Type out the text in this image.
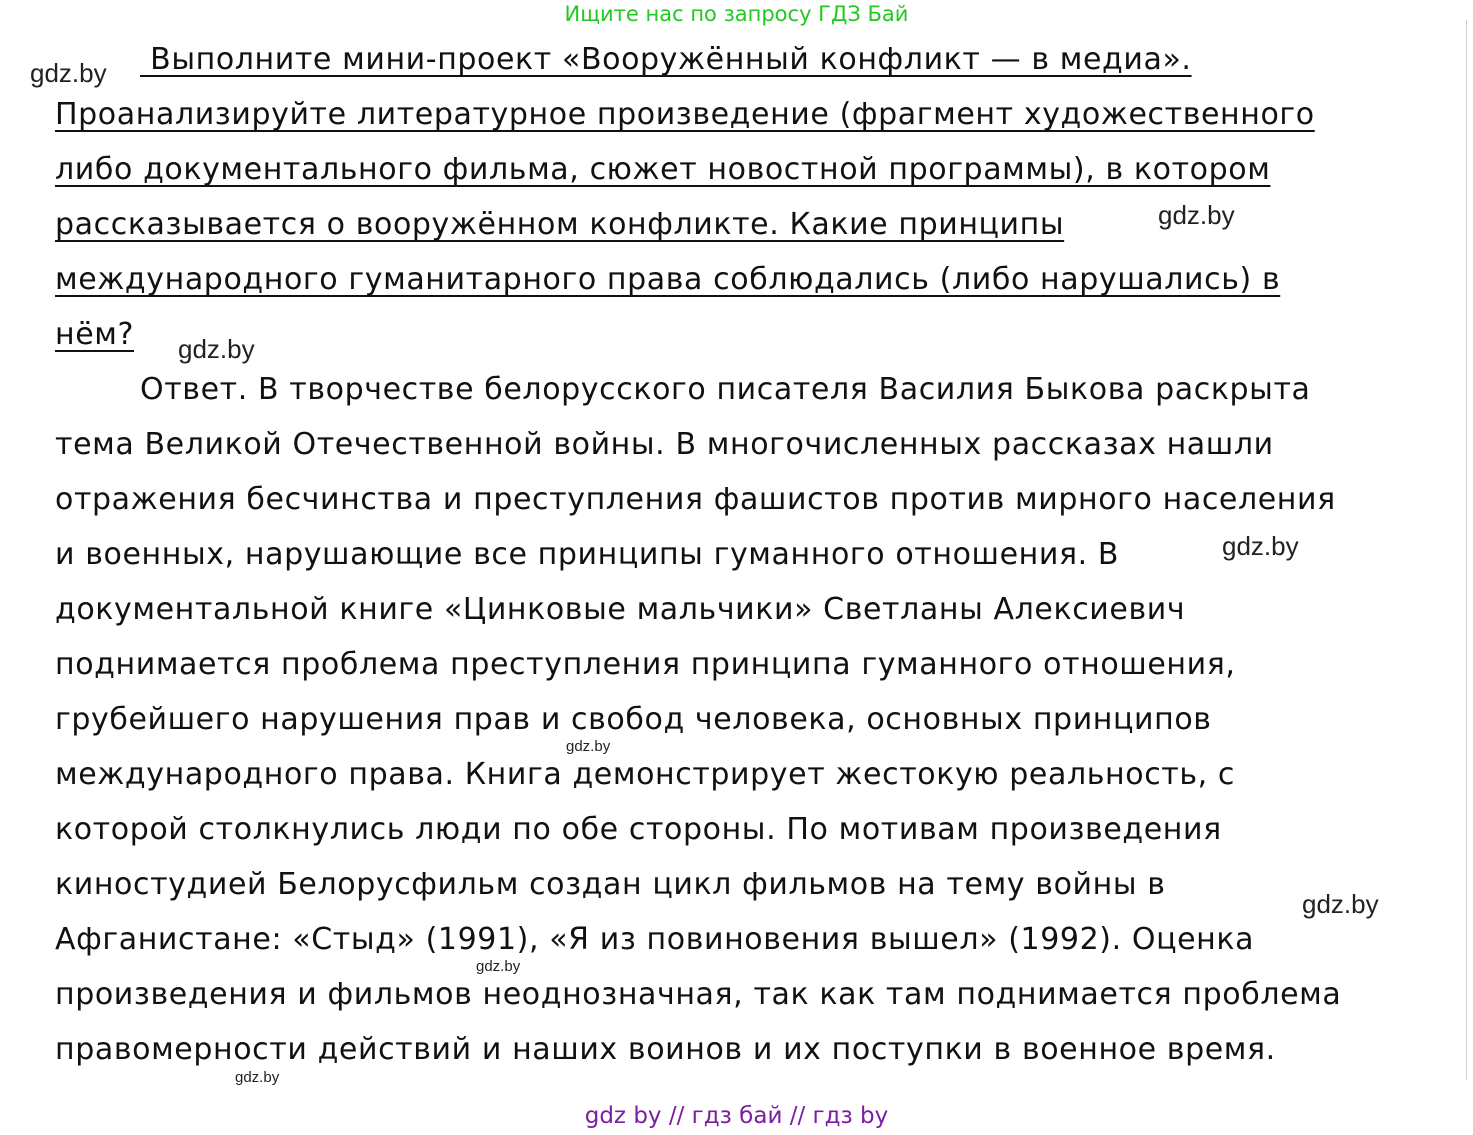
Ищите нас по запросу ГДЗ Бай
Выполните мини-проект «Вооружённый конфликт — в медиа».
Проанализируйте литературное произведение (фрагмент художественного
либо документального фильма, сюжет новостной программы), в котором
рассказывается о вооружённом конфликте. Какие принципы
международного гуманитарного права соблюдались (либо нарушались) в
нём?
Ответ. В творчестве белорусского писателя Василия Быкова раскрыта
тема Великой Отечественной войны. В многочисленных рассказах нашли
отражения бесчинства и преступления фашистов против мирного населения
и военных, нарушающие все принципы гуманного отношения. В
документальной книге «Цинковые мальчики» Светланы Алексиевич
поднимается проблема преступления принципа гуманного отношения,
грубейшего нарушения прав и свобод человека, основных принципов
международного права. Книга демонстрирует жестокую реальность, с
которой столкнулись люди по обе стороны. По мотивам произведения
киностудией Белорусфильм создан цикл фильмов на тему войны в
Афганистане: «Стыд» (1991), «Я из повиновения вышел» (1992). Оценка
произведения и фильмов неоднозначная, так как там поднимается проблема
правомерности действий и наших воинов и их поступки в военное время.
gdz.by
gdz.by
gdz.by
gdz.by
gdz.by
gdz.by
gdz.by
gdz.by
gdz by // гдз бай // гдз by
